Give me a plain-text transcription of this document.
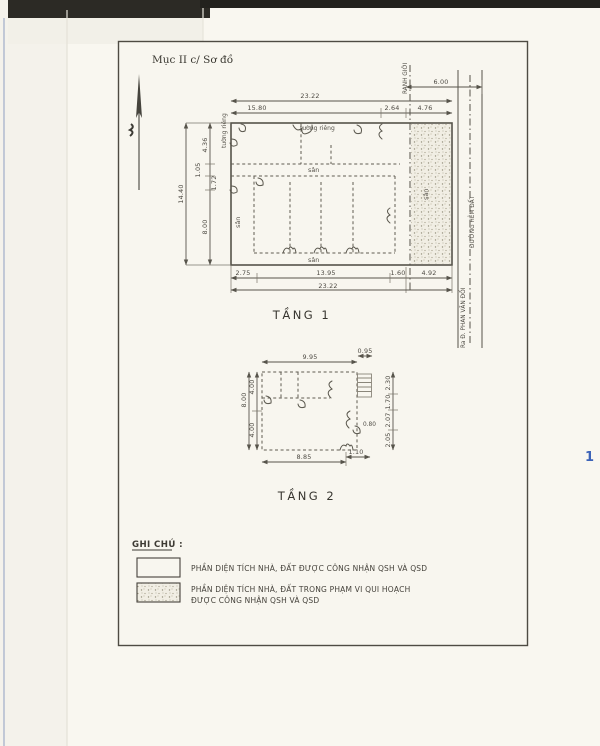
Mục II c/ Sơ đồ
tường riêng
tường riêng
sân
sân
sân
sân
RANH GIỚI
ĐƯỜNG HẺM ĐẤT
Ra Đ. PHAN VĂN ĐỐI
23.22
15.80	2.64	4.76
6.00
14.40
4.36
1.05
1.72
8.00
2.75	13.95	1.60 4.92
23.22
TẦNG 1
0.80
9.95
0.95
8.00
4.00
4.00
2.30
1.70
2.07
2.05
8.85
1.10
TẦNG 2
GHI CHÚ :
PHẦN DIỆN TÍCH NHÀ, ĐẤT ĐƯỢC CÔNG NHẬN QSH VÀ QSD
PHẦN DIỆN TÍCH NHÀ, ĐẤT TRONG PHẠM VI QUI HOẠCH
ĐƯỢC CÔNG NHẬN QSH VÀ QSD
1
